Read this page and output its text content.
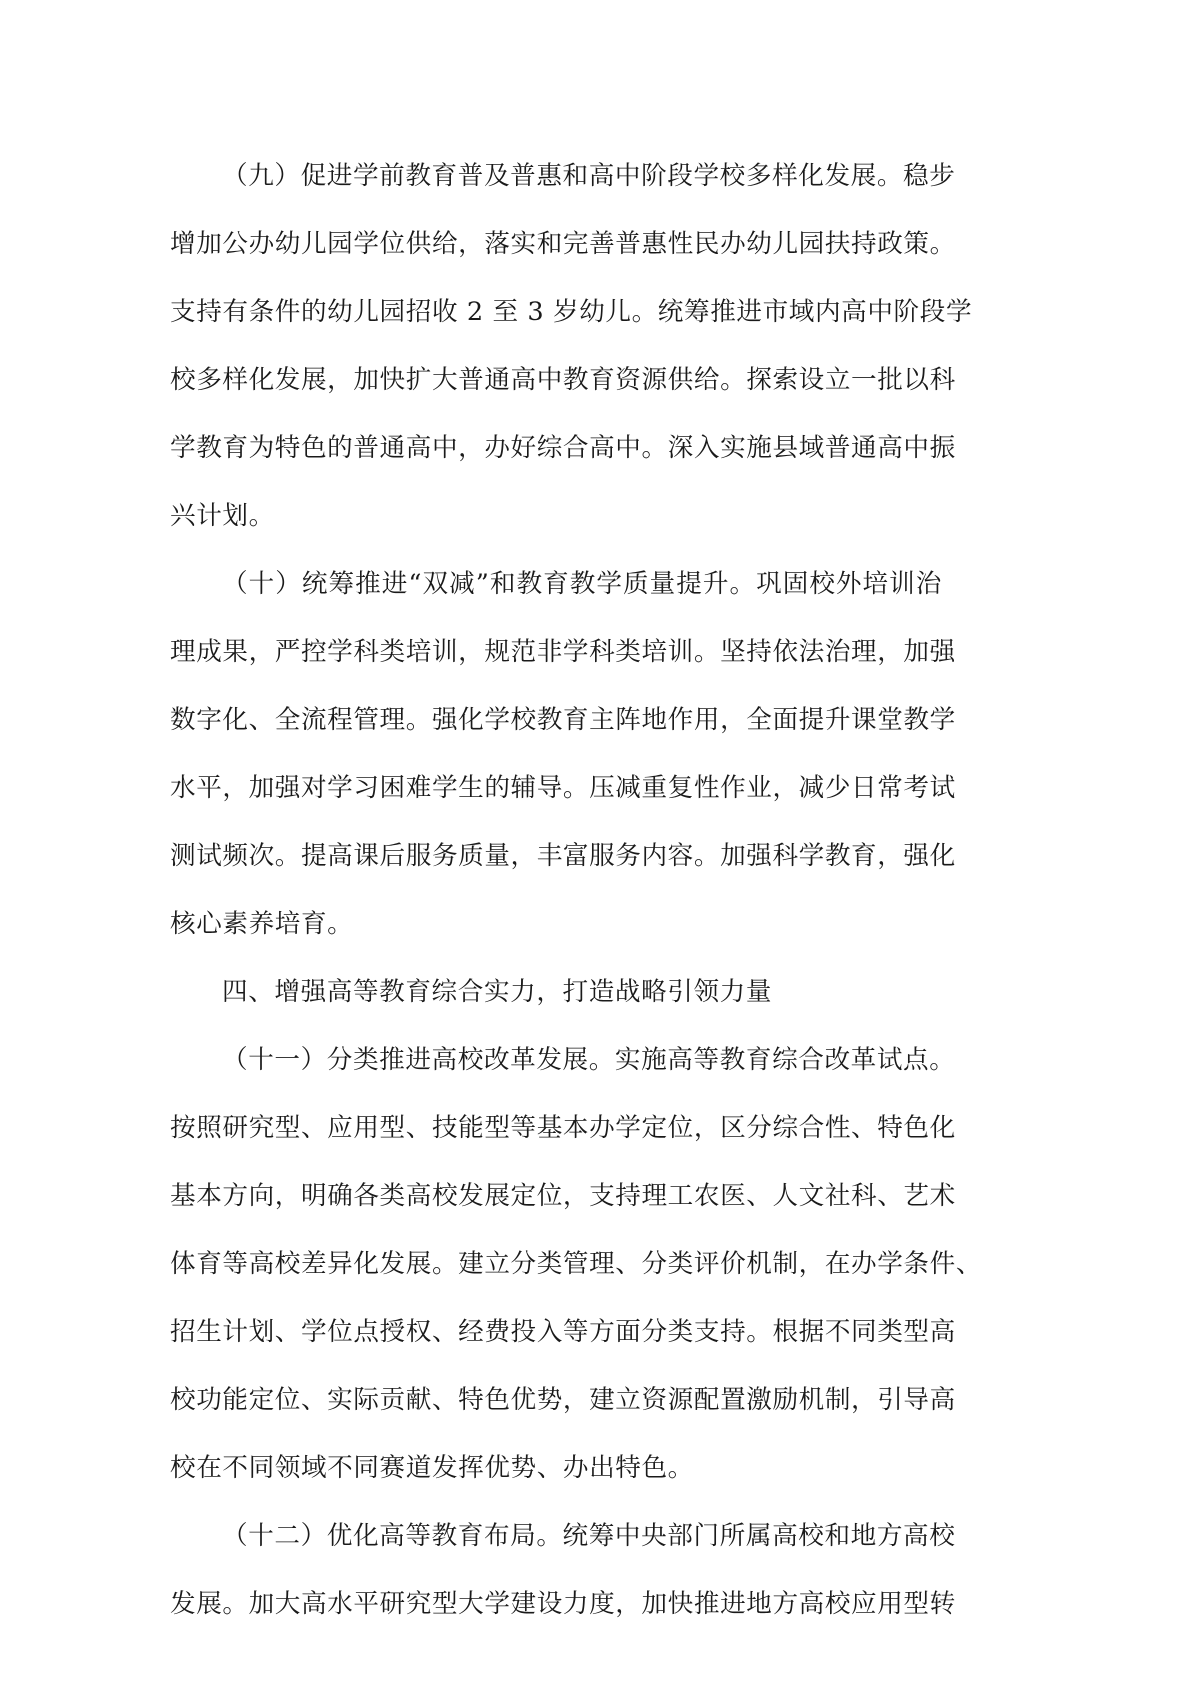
（九）促进学前教育普及普惠和高中阶段学校多样化发展。稳步
增加公办幼儿园学位供给，落实和完善普惠性民办幼儿园扶持政策。
支持有条件的幼儿园招收 2 至 3 岁幼儿。统筹推进市域内高中阶段学
校多样化发展，加快扩大普通高中教育资源供给。探索设立一批以科
学教育为特色的普通高中，办好综合高中。深入实施县域普通高中振
兴计划。
（十）统筹推进“双减”和教育教学质量提升。巩固校外培训治
理成果，严控学科类培训，规范非学科类培训。坚持依法治理，加强
数字化、全流程管理。强化学校教育主阵地作用，全面提升课堂教学
水平，加强对学习困难学生的辅导。压减重复性作业，减少日常考试
测试频次。提高课后服务质量，丰富服务内容。加强科学教育，强化
核心素养培育。
四、增强高等教育综合实力，打造战略引领力量
（十一）分类推进高校改革发展。实施高等教育综合改革试点。
按照研究型、应用型、技能型等基本办学定位，区分综合性、特色化
基本方向，明确各类高校发展定位，支持理工农医、人文社科、艺术
体育等高校差异化发展。建立分类管理、分类评价机制，在办学条件、
招生计划、学位点授权、经费投入等方面分类支持。根据不同类型高
校功能定位、实际贡献、特色优势，建立资源配置激励机制，引导高
校在不同领域不同赛道发挥优势、办出特色。
（十二）优化高等教育布局。统筹中央部门所属高校和地方高校
发展。加大高水平研究型大学建设力度，加快推进地方高校应用型转
